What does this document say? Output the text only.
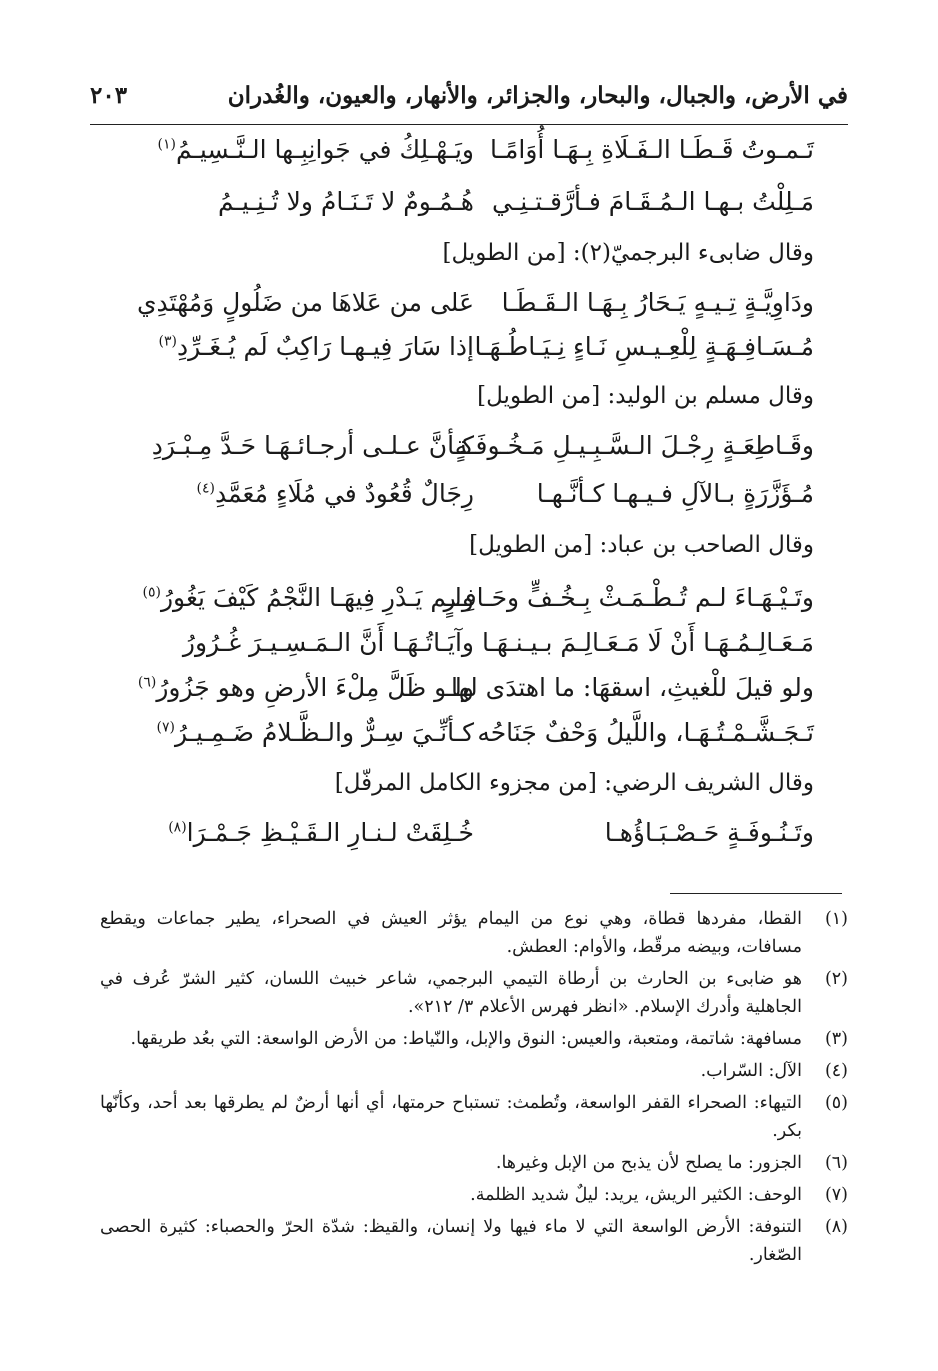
في الأرض، والجبال، والبحار، والجزائر، والأنهار، والعيون، والغُدران
٢٠٣
تَـمـوتُ قَـطَـا الـفَـلَاةِ بِـهَـا أُوَامًـا
ويَـهْـلِكُ في جَوانِبِـها الـنَّـسِيـمُ$^{(١)}$
مَـلِلْتُ بـهـا الـمُـقَـامَ فـأرَّقـتـنِـي
هُـمُـومٌ لا تَـنَـامُ ولا تُـنِـيـمُ
وقال ضابىء البرجميّ(٢): [من الطويل]
ودَاوِيَّـةٍ تِـيـهٍ يَـحَارُ بِـهَـا الـقَـطَـا
عَلى من عَلاهَا من ضَلُولٍ وَمُهْتَدِي
مُـسَـافِـهَـةٍ لِلْعِـيـسِ نَـاءٍ نِـيَـاطُـهَـا
إذا سَارَ فِيـهـا رَاكِبٌ لَم يُـغَـرِّدِ$^{(٣)}$
وقال مسلم بن الوليد: [من الطويل]
وقَـاطِعَـةٍ رِجْـلَ الـسَّـبِـيـلِ مَـخُـوفَـةٍ
كـأنَّ عـلـى أرجـائـهَـا حَـدَّ مِـبْـرَدِ
مُـؤَزَّرَةٍ بـالآلِ فـيـهـا كـأنَّـهـا
رِجَالٌ قُعُودٌ في مُلَاءٍ مُعَمَّدِ$^{(٤)}$
وقال الصاحب بن عباد: [من الطويل]
وتَـيْـهَـاءَ لـم تُـطْـمَـثْ بِـخُـفٍّ وحَـافِـرٍ
ولـم يَـدْرِ فِيهَـا النَّجْمُ كَيْفَ يَغُورُ$^{(٥)}$
مَـعَـالِـمُـهَـا أَنْ لَا مَـعَـالِـمَ بـيـنـهَـا
وآيَـاتُـهَـا أَنَّ الـمَـسِـيـرَ غُـرُورُ
ولو قيلَ للْغيثِ، اسقهَا: ما اهتدَى لها
ولـو ظَلَّ مِلْءَ الأرضِ وهو جَزُورُ$^{(٦)}$
تَـجَـشَّـمْـتُـهَـا، واللَّيلُ وَحْفٌ جَنَاحُه
كـأنِّـيَ سِـرٌّ والـظَّـلامُ ضَـمِـيـرُ$^{(٧)}$
وقال الشريف الرضي: [من مجزوء الكامل المرفّل]
وتَـنُـوفَـةٍ حَـصْـبَـاؤُهـا
خُـلِقَتْ لـنـارِ الـقَـيْـظِ جَـمْـرَا$^{(٨)}$
(١)
القطا، مفردها قطاة، وهي نوع من اليمام يؤثر العيش في الصحراء، يطير جماعات ويقطع مسافات، وبيضه مرقّط، والأوام: العطش.
(٢)
هو ضابىء بن الحارث بن أرطاة التيمي البرجمي، شاعر خبيث اللسان، كثير الشرّ عُرف في الجاهلية وأدرك الإسلام. «انظر فهرس الأعلام ٣/ ٢١٢».
(٣)
مسافهة: شاتمة، ومتعبة، والعيس: النوق والإبل، والنّياط: من الأرض الواسعة: التي بعُد طريقها.
(٤)
الآل: السّراب.
(٥)
التيهاء: الصحراء القفر الواسعة، وتُطمث: تستباح حرمتها، أي أنها أرضٌ لم يطرقها بعد أحد، وكأنّها بكر.
(٦)
الجزور: ما يصلح لأن يذبح من الإبل وغيرها.
(٧)
الوحف: الكثير الريش، يريد: ليلٌ شديد الظلمة.
(٨)
التنوفة: الأرض الواسعة التي لا ماء فيها ولا إنسان، والقيظ: شدّة الحرّ والحصباء: كثيرة الحصى الصّغار.
